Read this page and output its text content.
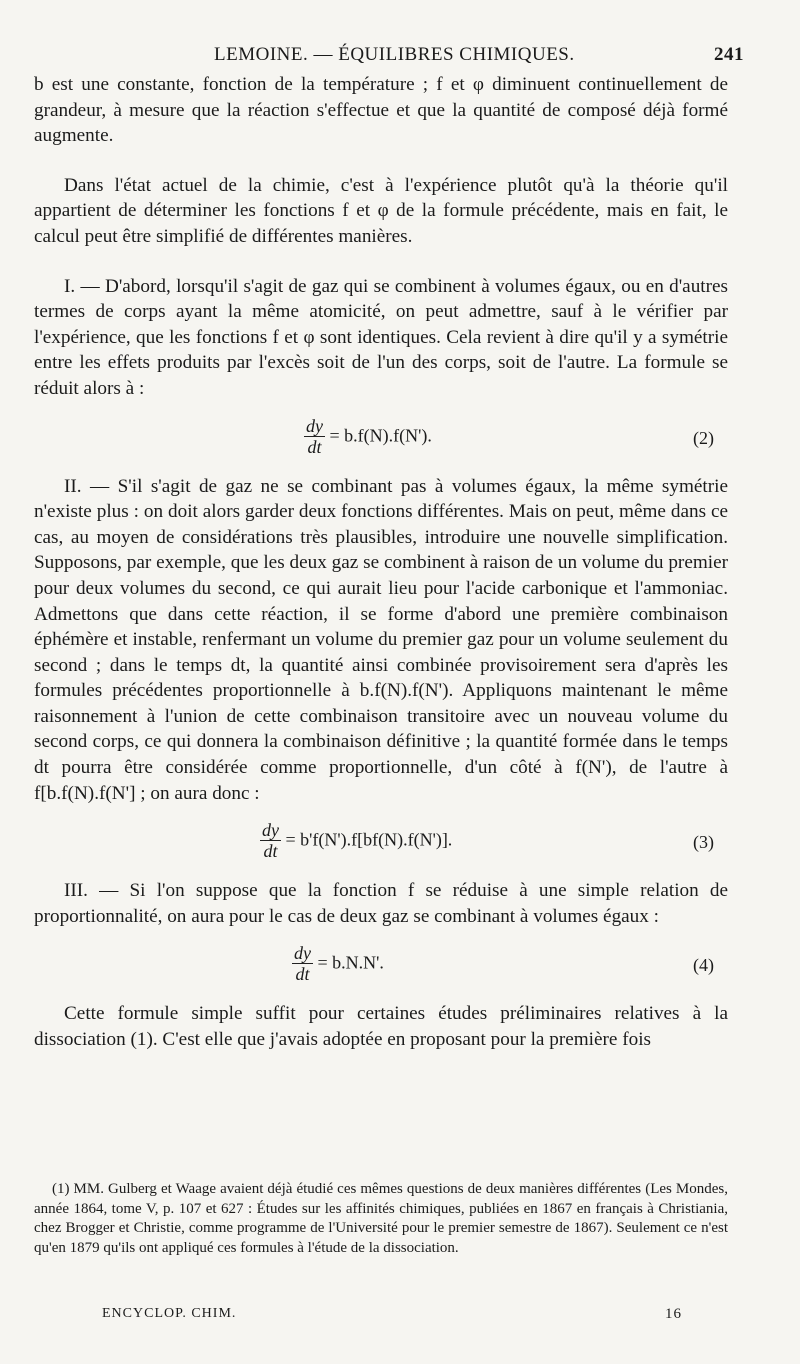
LEMOINE. — ÉQUILIBRES CHIMIQUES.	241

b est une constante, fonction de la température ; f et φ diminuent continuellement de grandeur, à mesure que la réaction s'effectue et que la quantité de composé déjà formé augmente.

Dans l'état actuel de la chimie, c'est à l'expérience plutôt qu'à la théorie qu'il appartient de déterminer les fonctions f et φ de la formule précédente, mais en fait, le calcul peut être simplifié de différentes manières.

I. — D'abord, lorsqu'il s'agit de gaz qui se combinent à volumes égaux, ou en d'autres termes de corps ayant la même atomicité, on peut admettre, sauf à le vérifier par l'expérience, que les fonctions f et φ sont identiques. Cela revient à dire qu'il y a symétrie entre les effets produits par l'excès soit de l'un des corps, soit de l'autre. La formule se réduit alors à :

$\frac{dy}{dt} = b.f(N).f(N')$.	(2)

II. — S'il s'agit de gaz ne se combinant pas à volumes égaux, la même symétrie n'existe plus : on doit alors garder deux fonctions différentes. Mais on peut, même dans ce cas, au moyen de considérations très plausibles, introduire une nouvelle simplification. Supposons, par exemple, que les deux gaz se combinent à raison de un volume du premier pour deux volumes du second, ce qui aurait lieu pour l'acide carbonique et l'ammoniac. Admettons que dans cette réaction, il se forme d'abord une première combinaison éphémère et instable, renfermant un volume du premier gaz pour un volume seulement du second ; dans le temps dt, la quantité ainsi combinée provisoirement sera d'après les formules précédentes proportionnelle à b.f(N).f(N'). Appliquons maintenant le même raisonnement à l'union de cette combinaison transitoire avec un nouveau volume du second corps, ce qui donnera la combinaison définitive ; la quantité formée dans le temps dt pourra être considérée comme proportionnelle, d'un côté à f(N'), de l'autre à f[b.f(N).f(N'] ; on aura donc :

$\frac{dy}{dt} = b'f(N').f[bf(N).f(N')]$.	(3)

III. — Si l'on suppose que la fonction f se réduise à une simple relation de proportionnalité, on aura pour le cas de deux gaz se combinant à volumes égaux :

$\frac{dy}{dt} = b.N.N'$.	(4)

Cette formule simple suffit pour certaines études préliminaires relatives à la dissociation (1). C'est elle que j'avais adoptée en proposant pour la première fois

(1) MM. Gulberg et Waage avaient déjà étudié ces mêmes questions de deux manières différentes (Les Mondes, année 1864, tome V, p. 107 et 627 : Études sur les affinités chimiques, publiées en 1867 en français à Christiania, chez Brogger et Christie, comme programme de l'Université pour le premier semestre de 1867). Seulement ce n'est qu'en 1879 qu'ils ont appliqué ces formules à l'étude de la dissociation.

ENCYCLOP. CHIM.	16
